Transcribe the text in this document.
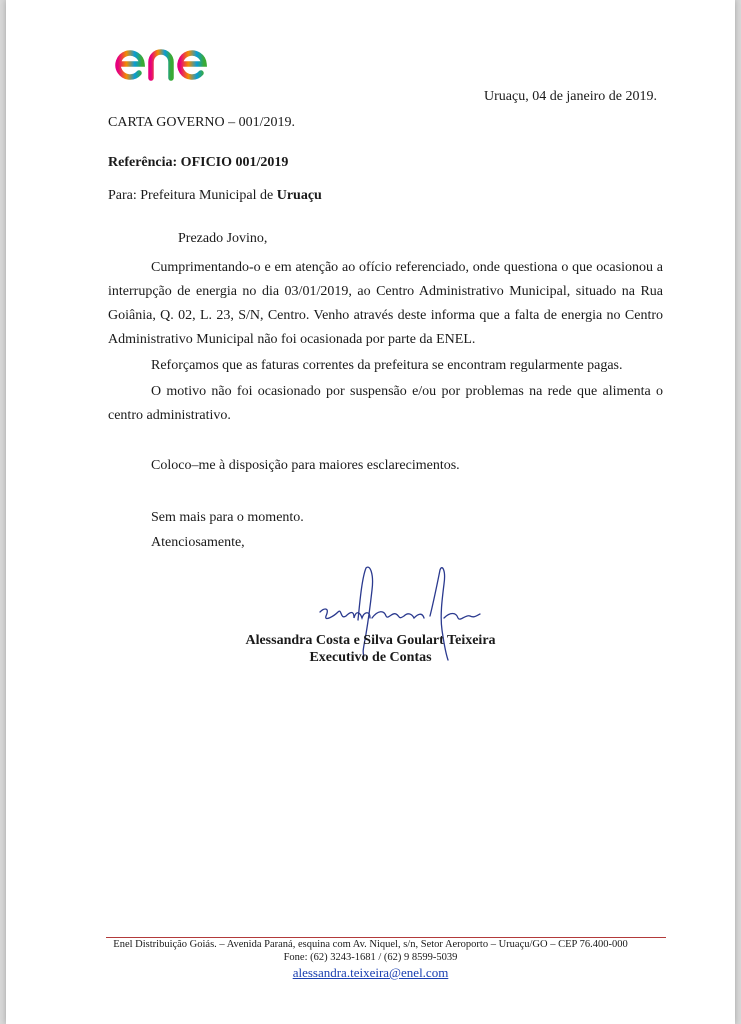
Uruaçu, 04 de janeiro de 2019.
CARTA GOVERNO – 001/2019.
Referência: OFICIO 001/2019
Para: Prefeitura Municipal de Uruaçu
Prezado Jovino,

Cumprimentando-o e em atenção ao ofício referenciado, onde questiona o que ocasionou a interrupção de energia no dia 03/01/2019, ao Centro Administrativo Municipal, situado na Rua Goiânia, Q. 02, L. 23, S/N, Centro. Venho através deste informa que a falta de energia no Centro Administrativo Municipal não foi ocasionada por parte da ENEL.

Reforçamos que as faturas correntes da prefeitura se encontram regularmente pagas.

O motivo não foi ocasionado por suspensão e/ou por problemas na rede que alimenta o centro administrativo.

Coloco–me à disposição para maiores esclarecimentos.
Sem mais para o momento.
Atenciosamente,
Alessandra Costa e Silva Goulart Teixeira
Executivo de Contas
Enel Distribuição Goiás. – Avenida Paraná, esquina com Av. Niquel, s/n, Setor Aeroporto – Uruaçu/GO – CEP 76.400-000
Fone: (62) 3243-1681 / (62) 9 8599-5039
alessandra.teixeira@enel.com
